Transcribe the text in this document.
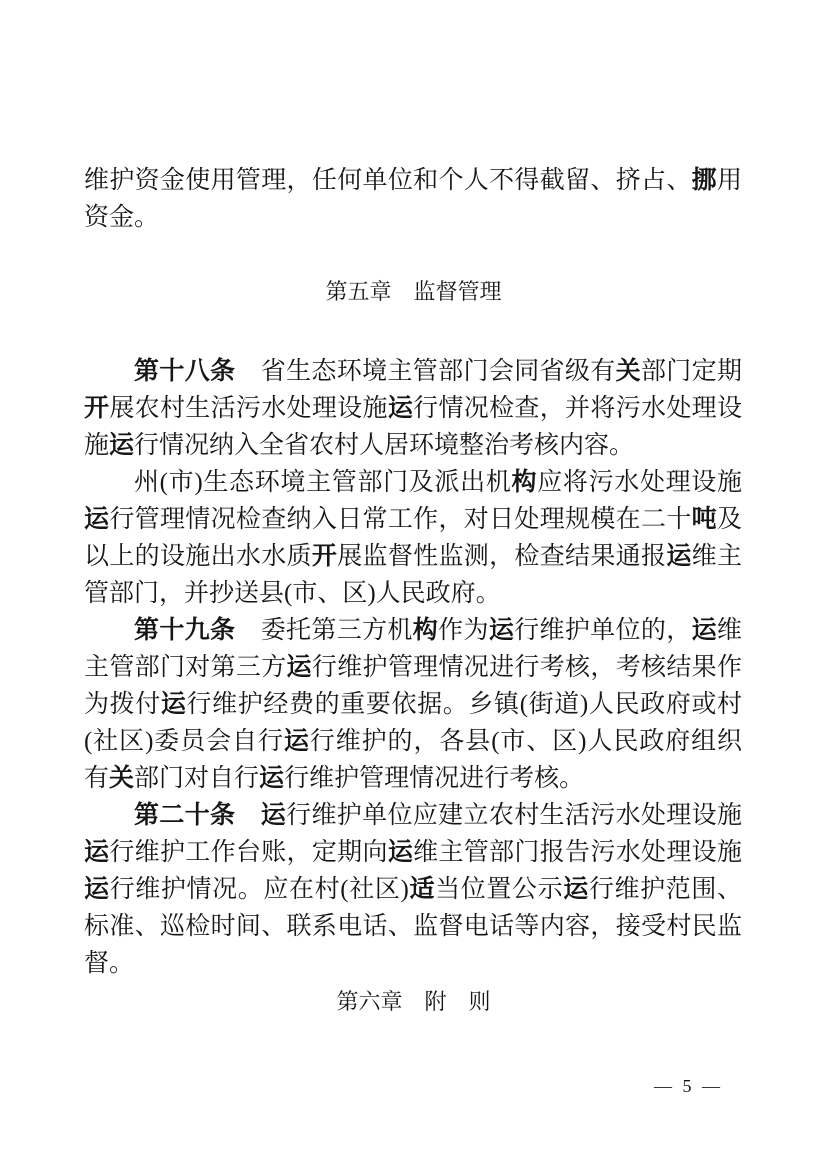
维护资金使用管理，任何单位和个人不得截留、挤占、挪用资金。

第五章　监督管理

第十八条　省生态环境主管部门会同省级有关部门定期开展农村生活污水处理设施运行情况检查，并将污水处理设施运行情况纳入全省农村人居环境整治考核内容。

州(市)生态环境主管部门及派出机构应将污水处理设施运行管理情况检查纳入日常工作，对日处理规模在二十吨及以上的设施出水水质开展监督性监测，检查结果通报运维主管部门，并抄送县(市、区)人民政府。

第十九条　委托第三方机构作为运行维护单位的，运维主管部门对第三方运行维护管理情况进行考核，考核结果作为拨付运行维护经费的重要依据。乡镇(街道)人民政府或村(社区)委员会自行运行维护的，各县(市、区)人民政府组织有关部门对自行运行维护管理情况进行考核。

第二十条　 运行维护单位应建立农村生活污水处理设施运行维护工作台账，定期向运维主管部门报告污水处理设施运行维护情况。应在村(社区)适当位置公示运行维护范围、标准、巡检时间、联系电话、监督电话等内容，接受村民监督。

第六章　附　则
— 5 —
